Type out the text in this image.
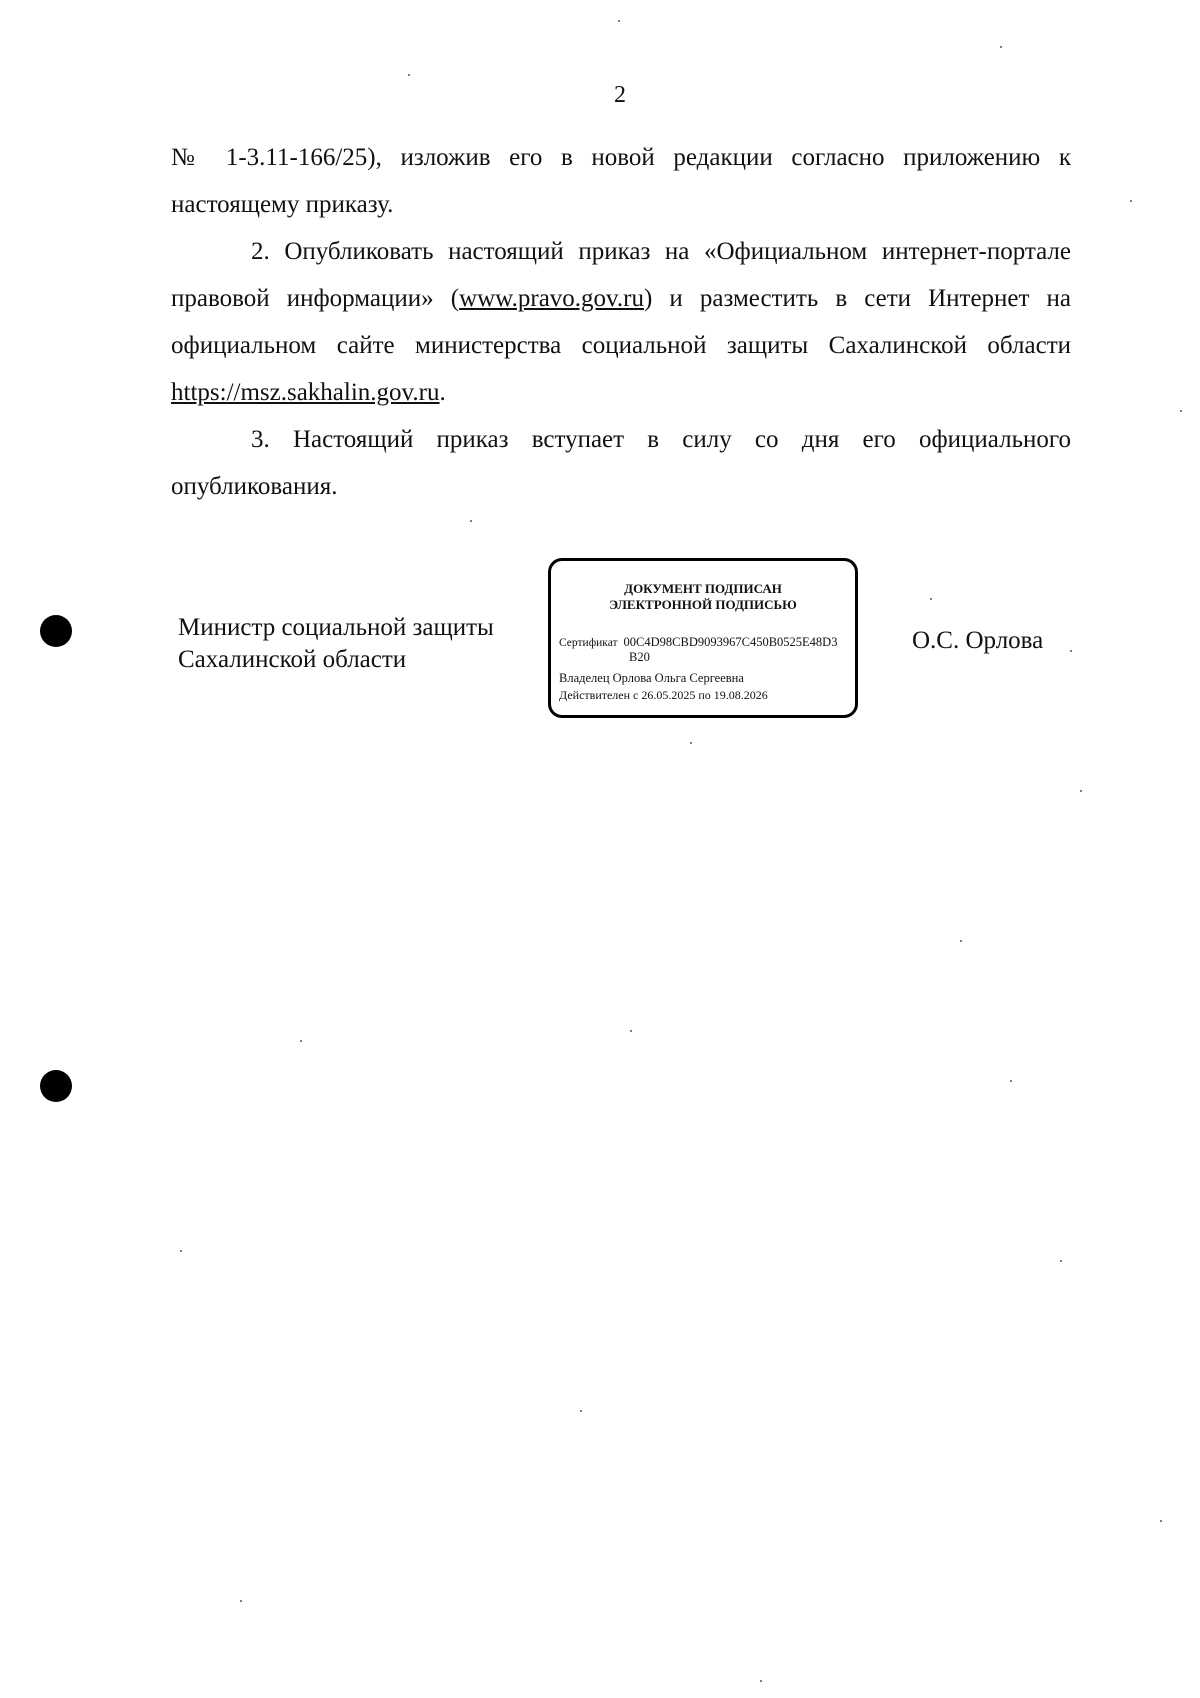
2

№ 1-3.11-166/25), изложив его в новой редакции согласно приложению к настоящему приказу.

2. Опубликовать настоящий приказ на «Официальном интернет-портале правовой информации» (www.pravo.gov.ru) и разместить в сети Интернет на официальном сайте министерства социальной защиты Сахалинской области https://msz.sakhalin.gov.ru.

3. Настоящий приказ вступает в силу со дня его официального опубликования.

Министр социальной защиты
Сахалинской области
ДОКУМЕНТ ПОДПИСАН
ЭЛЕКТРОННОЙ ПОДПИСЬЮ
Сертификат 00C4D98CBD9093967C450B0525E48D3
B20
Владелец Орлова Ольга Сергеевна
Действителен с 26.05.2025 по 19.08.2026
О.С. Орлова
